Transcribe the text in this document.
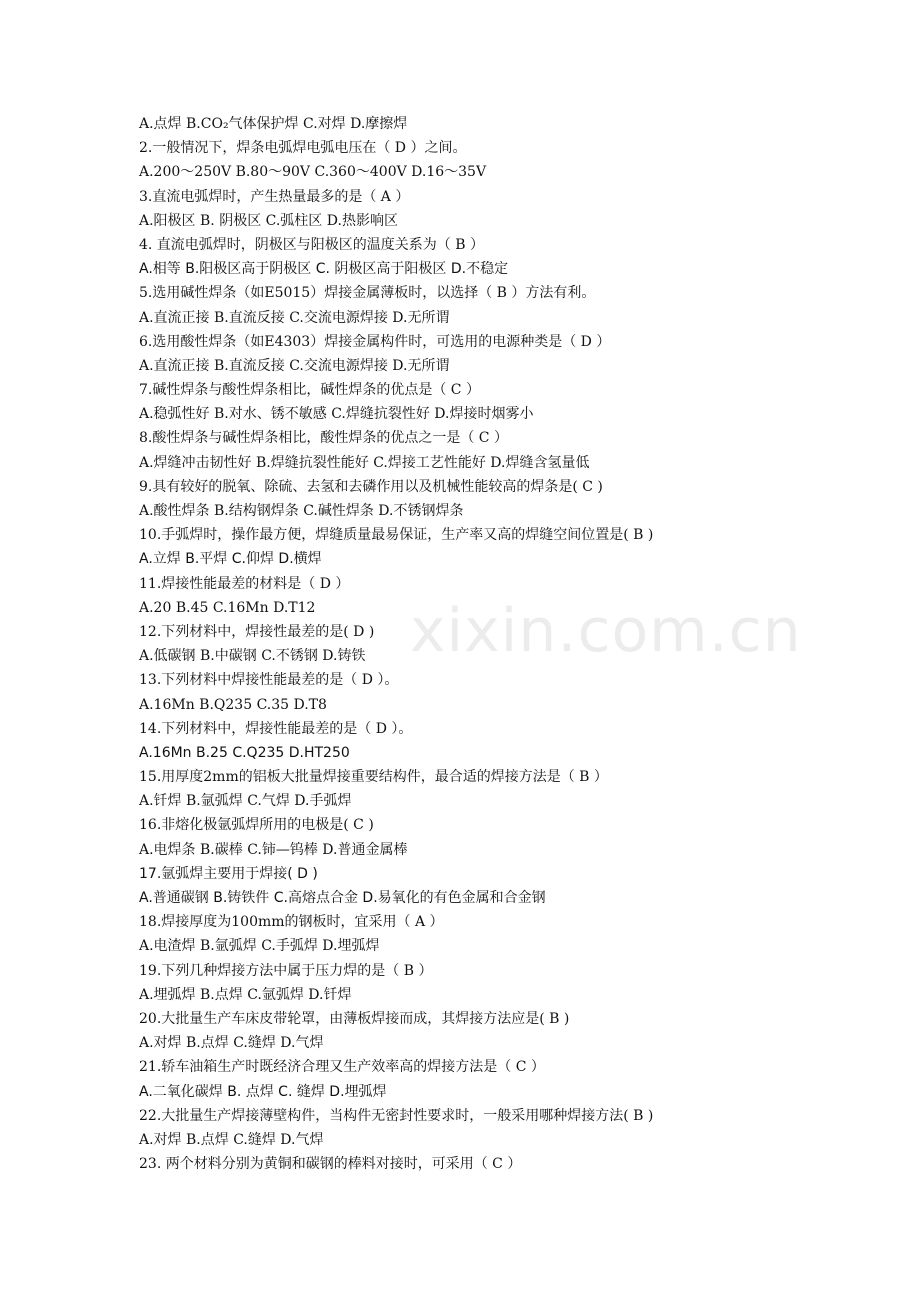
xixin.com.cn
A.点焊 B.CO₂气体保护焊 C.对焊 D.摩擦焊
2.一般情况下，焊条电弧焊电弧电压在（ D ）之间。
A.200～250V B.80～90V C.360～400V D.16～35V
3.直流电弧焊时，产生热量最多的是（ A ）
A.阳极区 B. 阴极区 C.弧柱区 D.热影响区
4. 直流电弧焊时，阴极区与阳极区的温度关系为（ B ）
A.相等 B.阳极区高于阴极区 C. 阴极区高于阳极区 D.不稳定
5.选用碱性焊条（如E5015）焊接金属薄板时，以选择（ B ）方法有利。
A.直流正接 B.直流反接 C.交流电源焊接 D.无所谓
6.选用酸性焊条（如E4303）焊接金属构件时，可选用的电源种类是（ D ）
A.直流正接 B.直流反接 C.交流电源焊接 D.无所谓
7.碱性焊条与酸性焊条相比，碱性焊条的优点是（ C ）
A.稳弧性好 B.对水、锈不敏感 C.焊缝抗裂性好 D.焊接时烟雾小
8.酸性焊条与碱性焊条相比，酸性焊条的优点之一是（ C ）
A.焊缝冲击韧性好 B.焊缝抗裂性能好 C.焊接工艺性能好 D.焊缝含氢量低
9.具有较好的脱氧、除硫、去氢和去磷作用以及机械性能较高的焊条是( C )
A.酸性焊条 B.结构钢焊条 C.碱性焊条 D.不锈钢焊条
10.手弧焊时，操作最方便，焊缝质量最易保证，生产率又高的焊缝空间位置是( B )
A.立焊 B.平焊 C.仰焊 D.横焊
11.焊接性能最差的材料是（ D ）
A.20 B.45 C.16Mn D.T12
12.下列材料中，焊接性最差的是( D )
A.低碳钢 B.中碳钢 C.不锈钢 D.铸铁
13.下列材料中焊接性能最差的是（ D ）。
A.16Mn B.Q235 C.35 D.T8
14.下列材料中，焊接性能最差的是（ D ）。
A.16Mn B.25 C.Q235 D.HT250
15.用厚度2mm的铝板大批量焊接重要结构件，最合适的焊接方法是（ B ）
A.钎焊 B.氩弧焊 C.气焊 D.手弧焊
16.非熔化极氩弧焊所用的电极是( C )
A.电焊条 B.碳棒 C.铈—钨棒 D.普通金属棒
17.氩弧焊主要用于焊接( D )
A.普通碳钢 B.铸铁件 C.高熔点合金 D.易氧化的有色金属和合金钢
18.焊接厚度为100mm的钢板时，宜采用（ A ）
A.电渣焊 B.氩弧焊 C.手弧焊 D.埋弧焊
19.下列几种焊接方法中属于压力焊的是（ B ）
A.埋弧焊 B.点焊 C.氩弧焊 D.钎焊
20.大批量生产车床皮带轮罩，由薄板焊接而成，其焊接方法应是( B )
A.对焊 B.点焊 C.缝焊 D.气焊
21.轿车油箱生产时既经济合理又生产效率高的焊接方法是（ C ）
A.二氧化碳焊 B. 点焊 C. 缝焊 D.埋弧焊
22.大批量生产焊接薄壁构件，当构件无密封性要求时，一般采用哪种焊接方法( B )
A.对焊 B.点焊 C.缝焊 D.气焊
23. 两个材料分别为黄铜和碳钢的棒料对接时，可采用（ C ）
